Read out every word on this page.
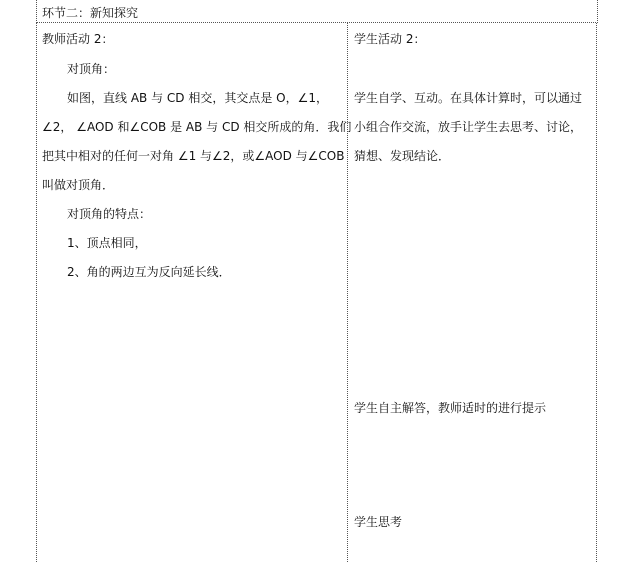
环节二：新知探究
教师活动 2：
对顶角：
如图，直线 AB 与 CD 相交，其交点是 O，∠1，
∠2， ∠AOD 和∠COB 是 AB 与 CD 相交所成的角．我们
把其中相对的任何一对角 ∠1 与∠2，或∠AOD 与∠COB
叫做对顶角．
对顶角的特点：
1、顶点相同，
2、角的两边互为反向延长线．
学生活动 2：
学生自学、互动。在具体计算时，可以通过
小组合作交流，放手让学生去思考、讨论，
猜想、发现结论．
学生自主解答，教师适时的进行提示
学生思考
